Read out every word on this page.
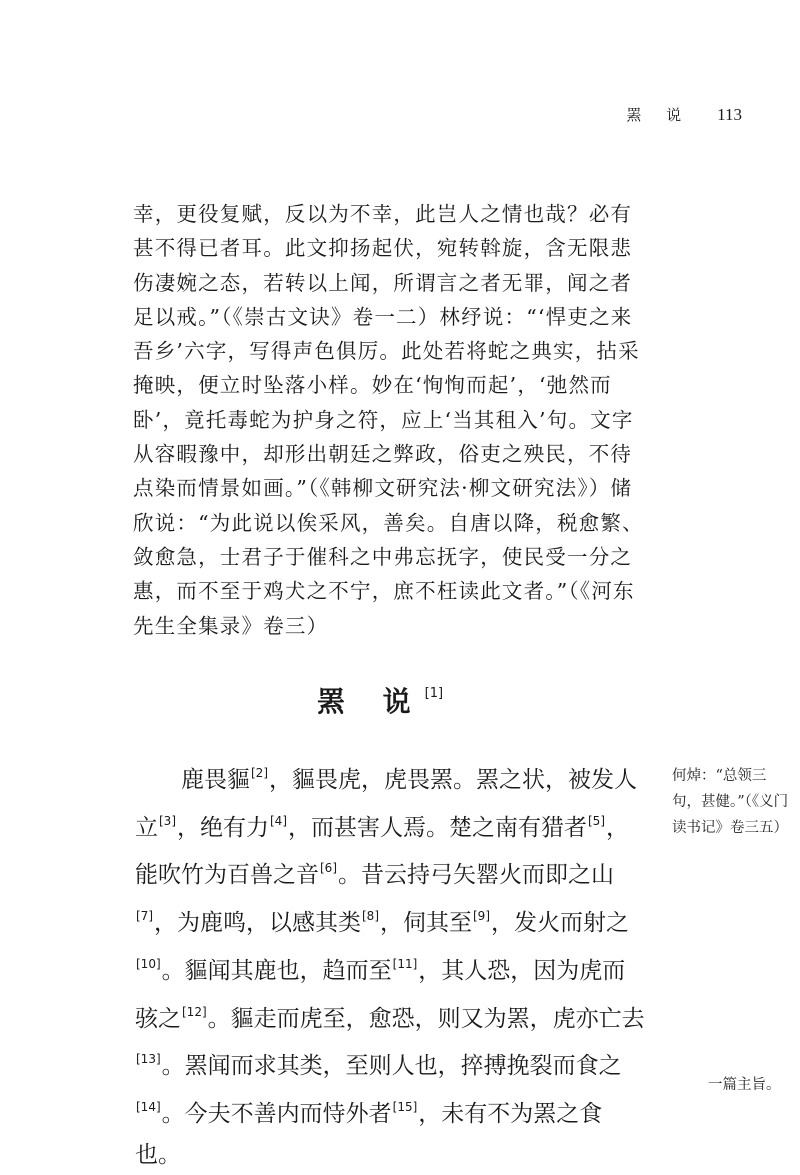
罴 说 113

幸，更役复赋，反以为不幸，此岂人之情也哉？必有甚不得已者耳。此文抑扬起伏，宛转斡旋，含无限悲伤凄婉之态，若转以上闻，所谓言之者无罪，闻之者足以戒。”（《崇古文诀》卷一二）林纾说：“‘悍吏之来吾乡’六字，写得声色俱厉。此处若将蛇之典实，拈采掩映，便立时坠落小样。妙在‘恂恂而起’，‘弛然而卧’，竟托毒蛇为护身之符，应上‘当其租入’句。文字从容暇豫中，却形出朝廷之弊政，俗吏之殃民，不待点染而情景如画。”（《韩柳文研究法·柳文研究法》）储欣说：“为此说以俟采风，善矣。自唐以降，税愈繁、敛愈急，士君子于催科之中弗忘抚字，使民受一分之惠，而不至于鸡犬之不宁，庶不枉读此文者。”（《河东先生全集录》卷三）

罴 说[1]

鹿畏貙[2]，貙畏虎，虎畏罴。罴之状，被发人立[3]，绝有力[4]，而甚害人焉。楚之南有猎者[5]，能吹竹为百兽之音[6]。昔云持弓矢罂火而即之山[7]，为鹿鸣，以感其类[8]，伺其至[9]，发火而射之[10]。貙闻其鹿也，趋而至[11]，其人恐，因为虎而骇之[12]。貙走而虎至，愈恐，则又为罴，虎亦亡去[13]。罴闻而求其类，至则人也，捽搏挽裂而食之[14]。今夫不善内而恃外者[15]，未有不为罴之食也。

何焯：“总领三
句，甚健。”（《义门
读书记》卷三五）
一篇主旨。
